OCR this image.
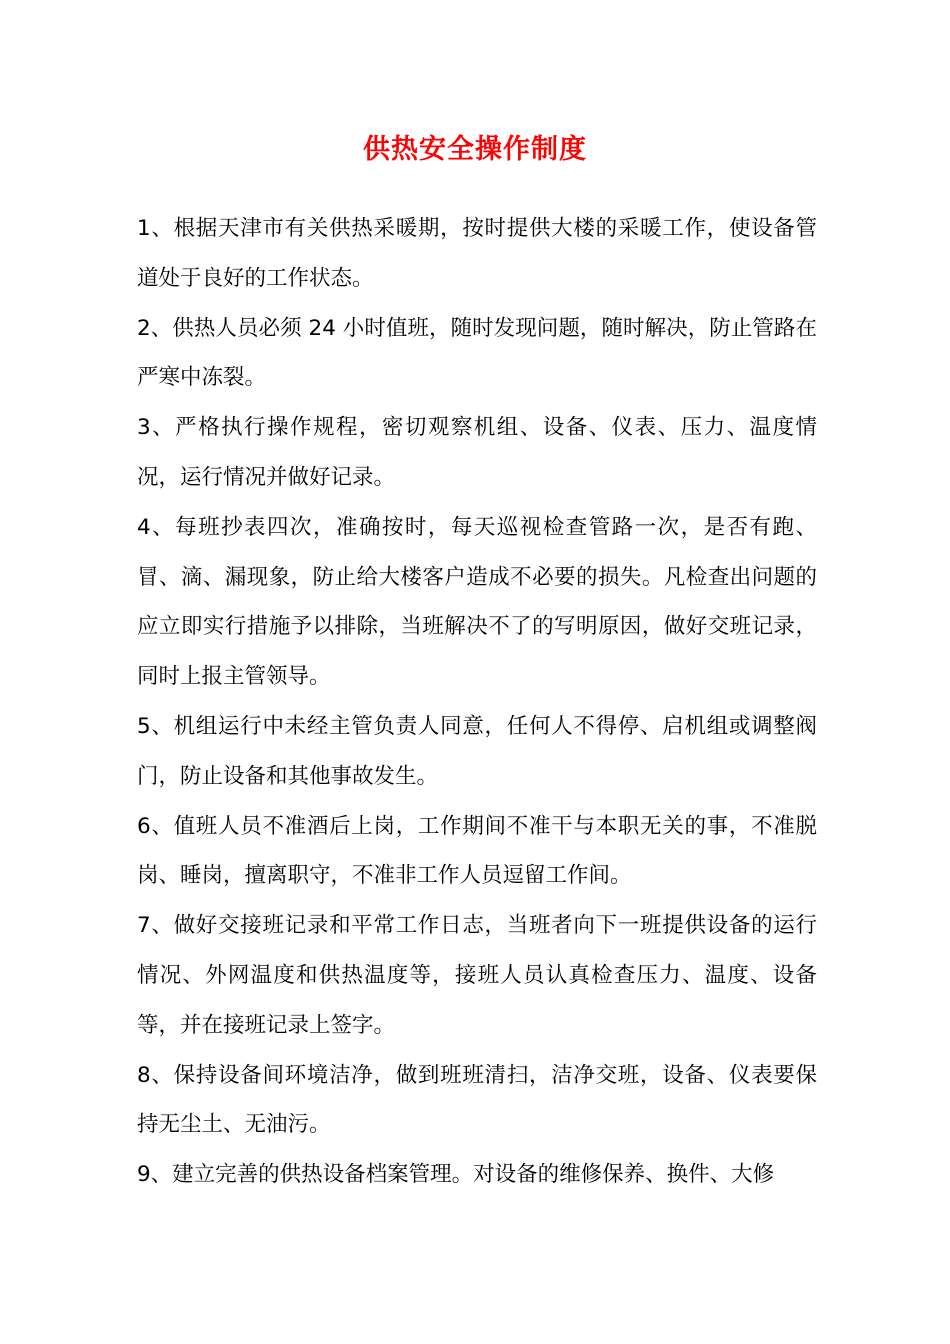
供热安全操作制度

1、根据天津市有关供热采暖期，按时提供大楼的采暖工作，使设备管道处于良好的工作状态。

2、供热人员必须 24 小时值班，随时发现问题，随时解决，防止管路在严寒中冻裂。

3、严格执行操作规程，密切观察机组、设备、仪表、压力、温度情况，运行情况并做好记录。

4、每班抄表四次，准确按时，每天巡视检查管路一次，是否有跑、冒、滴、漏现象，防止给大楼客户造成不必要的损失。凡检查出问题的应立即实行措施予以排除，当班解决不了的写明原因，做好交班记录，同时上报主管领导。

5、机组运行中未经主管负责人同意，任何人不得停、启机组或调整阀门，防止设备和其他事故发生。

6、值班人员不准酒后上岗，工作期间不准干与本职无关的事，不准脱岗、睡岗，擅离职守，不准非工作人员逗留工作间。

7、做好交接班记录和平常工作日志，当班者向下一班提供设备的运行情况、外网温度和供热温度等，接班人员认真检查压力、温度、设备等，并在接班记录上签字。

8、保持设备间环境洁净，做到班班清扫，洁净交班，设备、仪表要保持无尘土、无油污。

9、建立完善的供热设备档案管理。对设备的维修保养、换件、大修
